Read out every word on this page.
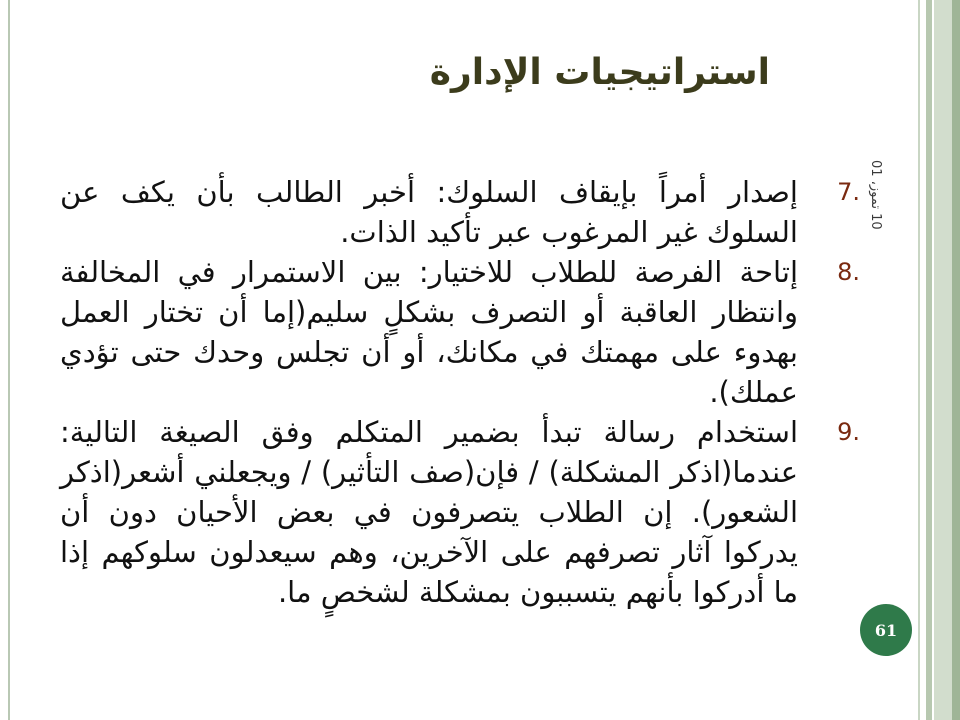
استراتيجيات الإدارة
10 تموز، 01
7.
إصدار أمراً بإيقاف السلوك: أخبر الطالب بأن يكف عن السلوك غير المرغوب عبر تأكيد الذات.
8.
إتاحة الفرصة للطلاب للاختيار: بين الاستمرار في المخالفة وانتظار العاقبة أو التصرف بشكلٍ سليم(إما أن تختار العمل بهدوء على مهمتك في مكانك، أو أن تجلس وحدك حتى تؤدي عملك).
9.
استخدام رسالة تبدأ بضمير المتكلم وفق الصيغة التالية: عندما(اذكر المشكلة) / فإن(صف التأثير) / ويجعلني أشعر(اذكر الشعور). إن الطلاب يتصرفون في بعض الأحيان دون أن يدركوا آثار تصرفهم على الآخرين، وهم سيعدلون سلوكهم إذا ما أدركوا بأنهم يتسببون بمشكلة لشخصٍ ما.
61
